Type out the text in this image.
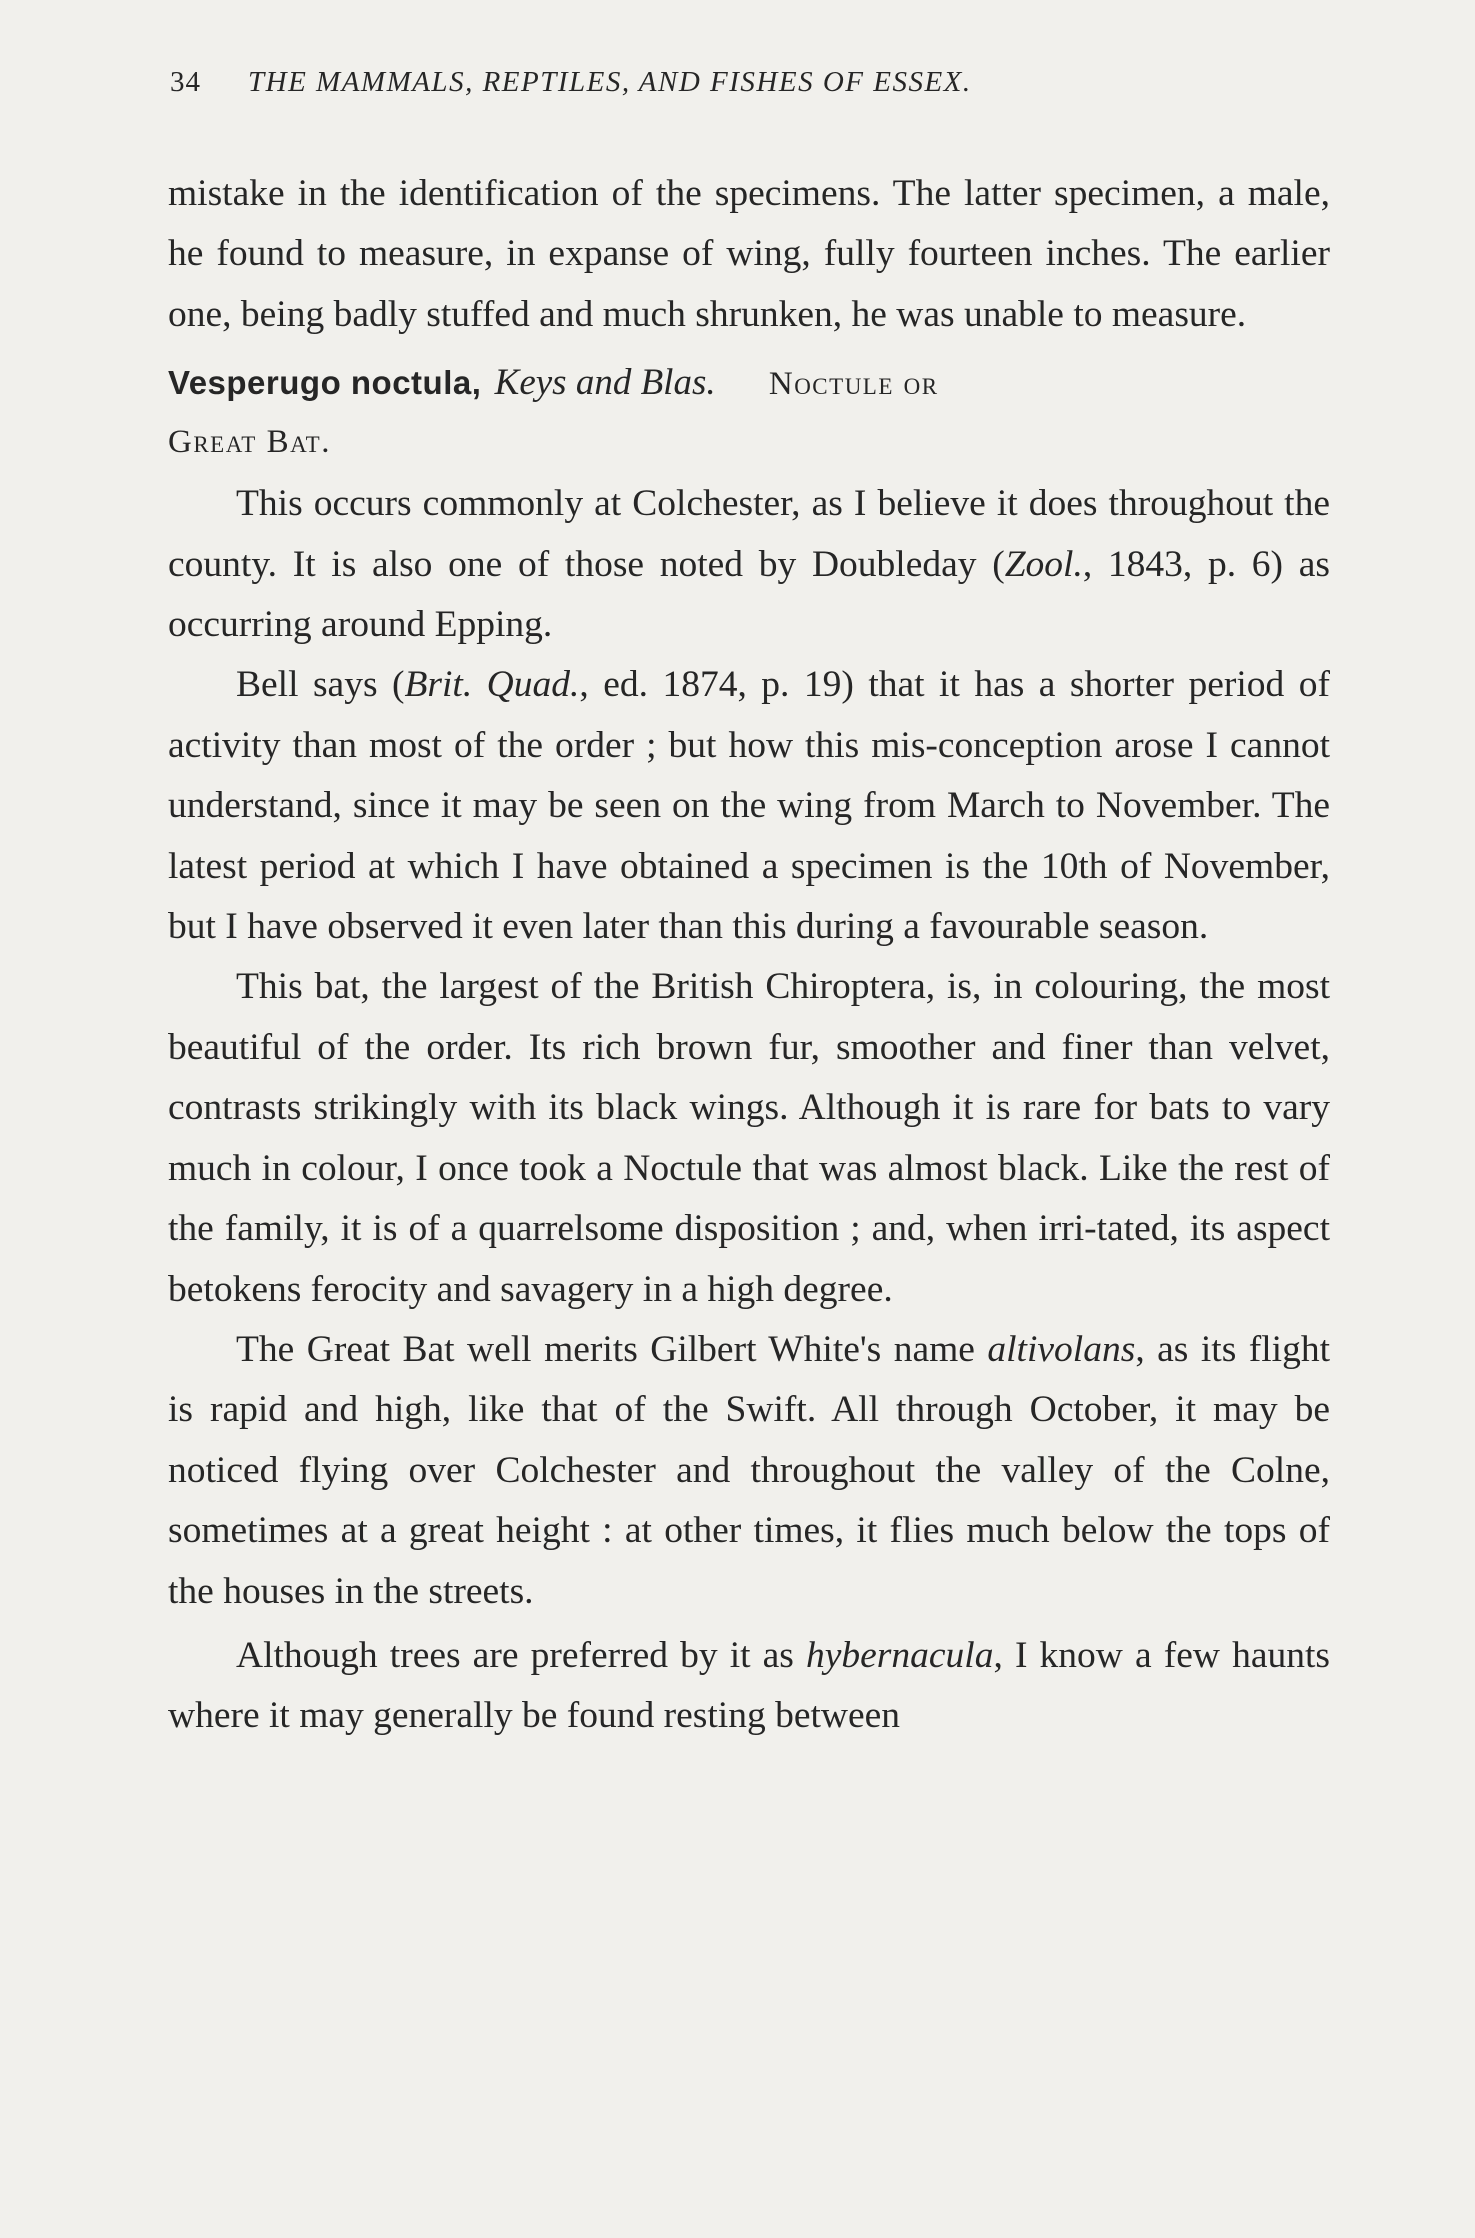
34	THE MAMMALS, REPTILES, AND FISHES OF ESSEX.

mistake in the identification of the specimens. The latter specimen, a male, he found to measure, in expanse of wing, fully fourteen inches. The earlier one, being badly stuffed and much shrunken, he was unable to measure.

Vesperugo noctula, Keys and Blas. Noctule or
Great Bat.

This occurs commonly at Colchester, as I believe it does throughout the county. It is also one of those noted by Doubleday (Zool., 1843, p. 6) as occurring around Epping.

Bell says (Brit. Quad., ed. 1874, p. 19) that it has a shorter period of activity than most of the order ; but how this mis-conception arose I cannot understand, since it may be seen on the wing from March to November. The latest period at which I have obtained a specimen is the 10th of November, but I have observed it even later than this during a favourable season.

This bat, the largest of the British Chiroptera, is, in colouring, the most beautiful of the order. Its rich brown fur, smoother and finer than velvet, contrasts strikingly with its black wings. Although it is rare for bats to vary much in colour, I once took a Noctule that was almost black. Like the rest of the family, it is of a quarrelsome disposition ; and, when irri-tated, its aspect betokens ferocity and savagery in a high degree.

The Great Bat well merits Gilbert White's name altivolans, as its flight is rapid and high, like that of the Swift. All through October, it may be noticed flying over Colchester and throughout the valley of the Colne, sometimes at a great height : at other times, it flies much below the tops of the houses in the streets.

Although trees are preferred by it as hybernacula, I know a few haunts where it may generally be found resting between
